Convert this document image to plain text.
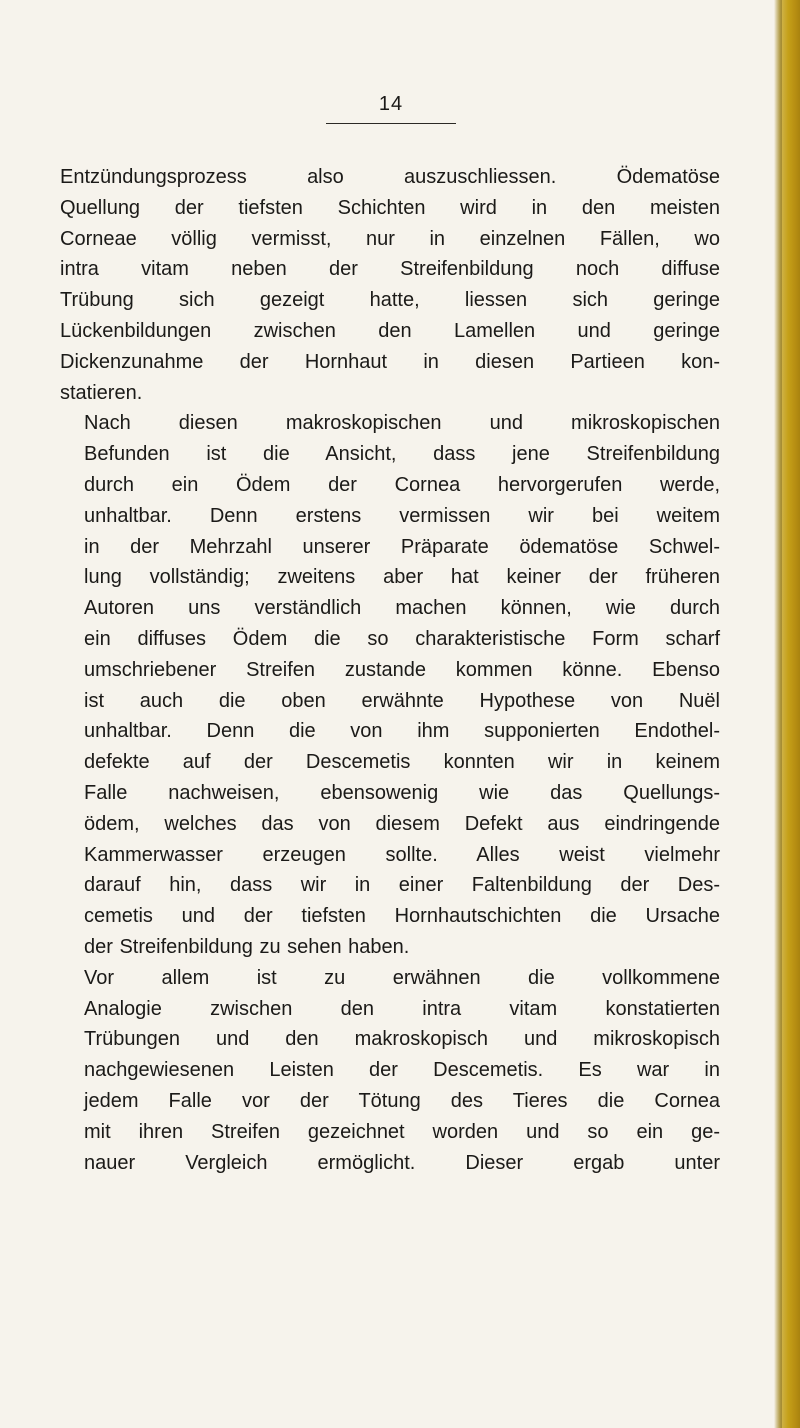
14

Entzündungsprozess also auszuschliessen. Ödematöse
Quellung der tiefsten Schichten wird in den meisten
Corneae völlig vermisst, nur in einzelnen Fällen, wo
intra vitam neben der Streifenbildung noch diffuse
Trübung sich gezeigt hatte, liessen sich geringe
Lückenbildungen zwischen den Lamellen und geringe
Dickenzunahme der Hornhaut in diesen Partieen kon-
statieren.

Nach diesen makroskopischen und mikroskopischen
Befunden ist die Ansicht, dass jene Streifenbildung
durch ein Ödem der Cornea hervorgerufen werde,
unhaltbar. Denn erstens vermissen wir bei weitem
in der Mehrzahl unserer Präparate ödematöse Schwel-
lung vollständig; zweitens aber hat keiner der früheren
Autoren uns verständlich machen können, wie durch
ein diffuses Ödem die so charakteristische Form scharf
umschriebener Streifen zustande kommen könne. Ebenso
ist auch die oben erwähnte Hypothese von Nuël
unhaltbar. Denn die von ihm supponierten Endothel-
defekte auf der Descemetis konnten wir in keinem
Falle nachweisen, ebensowenig wie das Quellungs-
ödem, welches das von diesem Defekt aus eindringende
Kammerwasser erzeugen sollte. Alles weist vielmehr
darauf hin, dass wir in einer Faltenbildung der Des-
cemetis und der tiefsten Hornhautschichten die Ursache
der Streifenbildung zu sehen haben.

Vor allem ist zu erwähnen die vollkommene
Analogie zwischen den intra vitam konstatierten
Trübungen und den makroskopisch und mikroskopisch
nachgewiesenen Leisten der Descemetis. Es war in
jedem Falle vor der Tötung des Tieres die Cornea
mit ihren Streifen gezeichnet worden und so ein ge-
nauer Vergleich ermöglicht. Dieser ergab unter
